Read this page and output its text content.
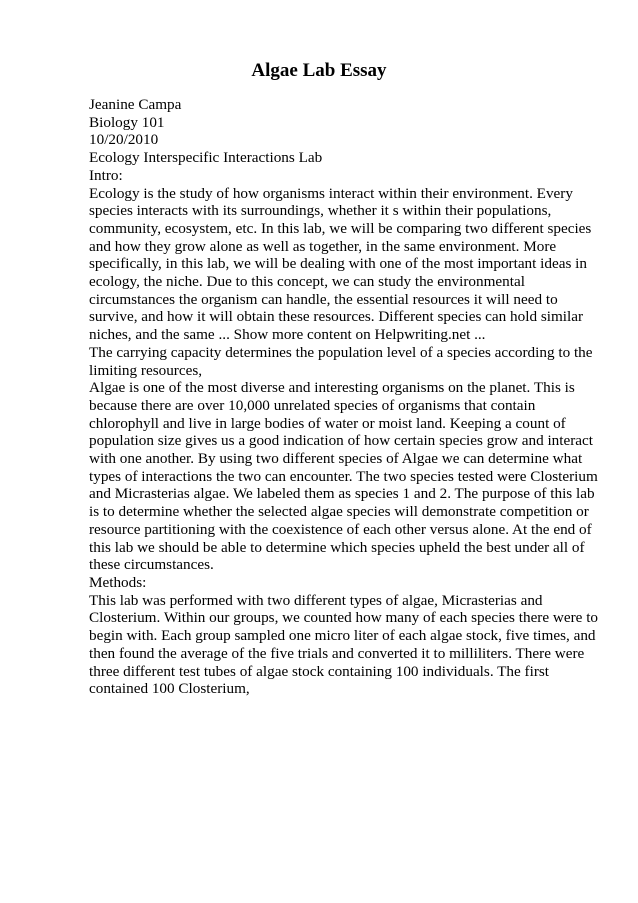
Algae Lab Essay
Jeanine Campa
Biology 101
10/20/2010
Ecology Interspecific Interactions Lab
Intro:
Ecology is the study of how organisms interact within their environment. Every
species interacts with its surroundings, whether it s within their populations,
community, ecosystem, etc. In this lab, we will be comparing two different species
and how they grow alone as well as together, in the same environment. More
specifically, in this lab, we will be dealing with one of the most important ideas in
ecology, the niche. Due to this concept, we can study the environmental
circumstances the organism can handle, the essential resources it will need to
survive, and how it will obtain these resources. Different species can hold similar
niches, and the same ... Show more content on Helpwriting.net ...
The carrying capacity determines the population level of a species according to the
limiting resources,
Algae is one of the most diverse and interesting organisms on the planet. This is
because there are over 10,000 unrelated species of organisms that contain
chlorophyll and live in large bodies of water or moist land. Keeping a count of
population size gives us a good indication of how certain species grow and interact
with one another. By using two different species of Algae we can determine what
types of interactions the two can encounter. The two species tested were Closterium
and Micrasterias algae. We labeled them as species 1 and 2. The purpose of this lab
is to determine whether the selected algae species will demonstrate competition or
resource partitioning with the coexistence of each other versus alone. At the end of
this lab we should be able to determine which species upheld the best under all of
these circumstances.
Methods:
This lab was performed with two different types of algae, Micrasterias and
Closterium. Within our groups, we counted how many of each species there were to
begin with. Each group sampled one micro liter of each algae stock, five times, and
then found the average of the five trials and converted it to milliliters. There were
three different test tubes of algae stock containing 100 individuals. The first
contained 100 Closterium,
